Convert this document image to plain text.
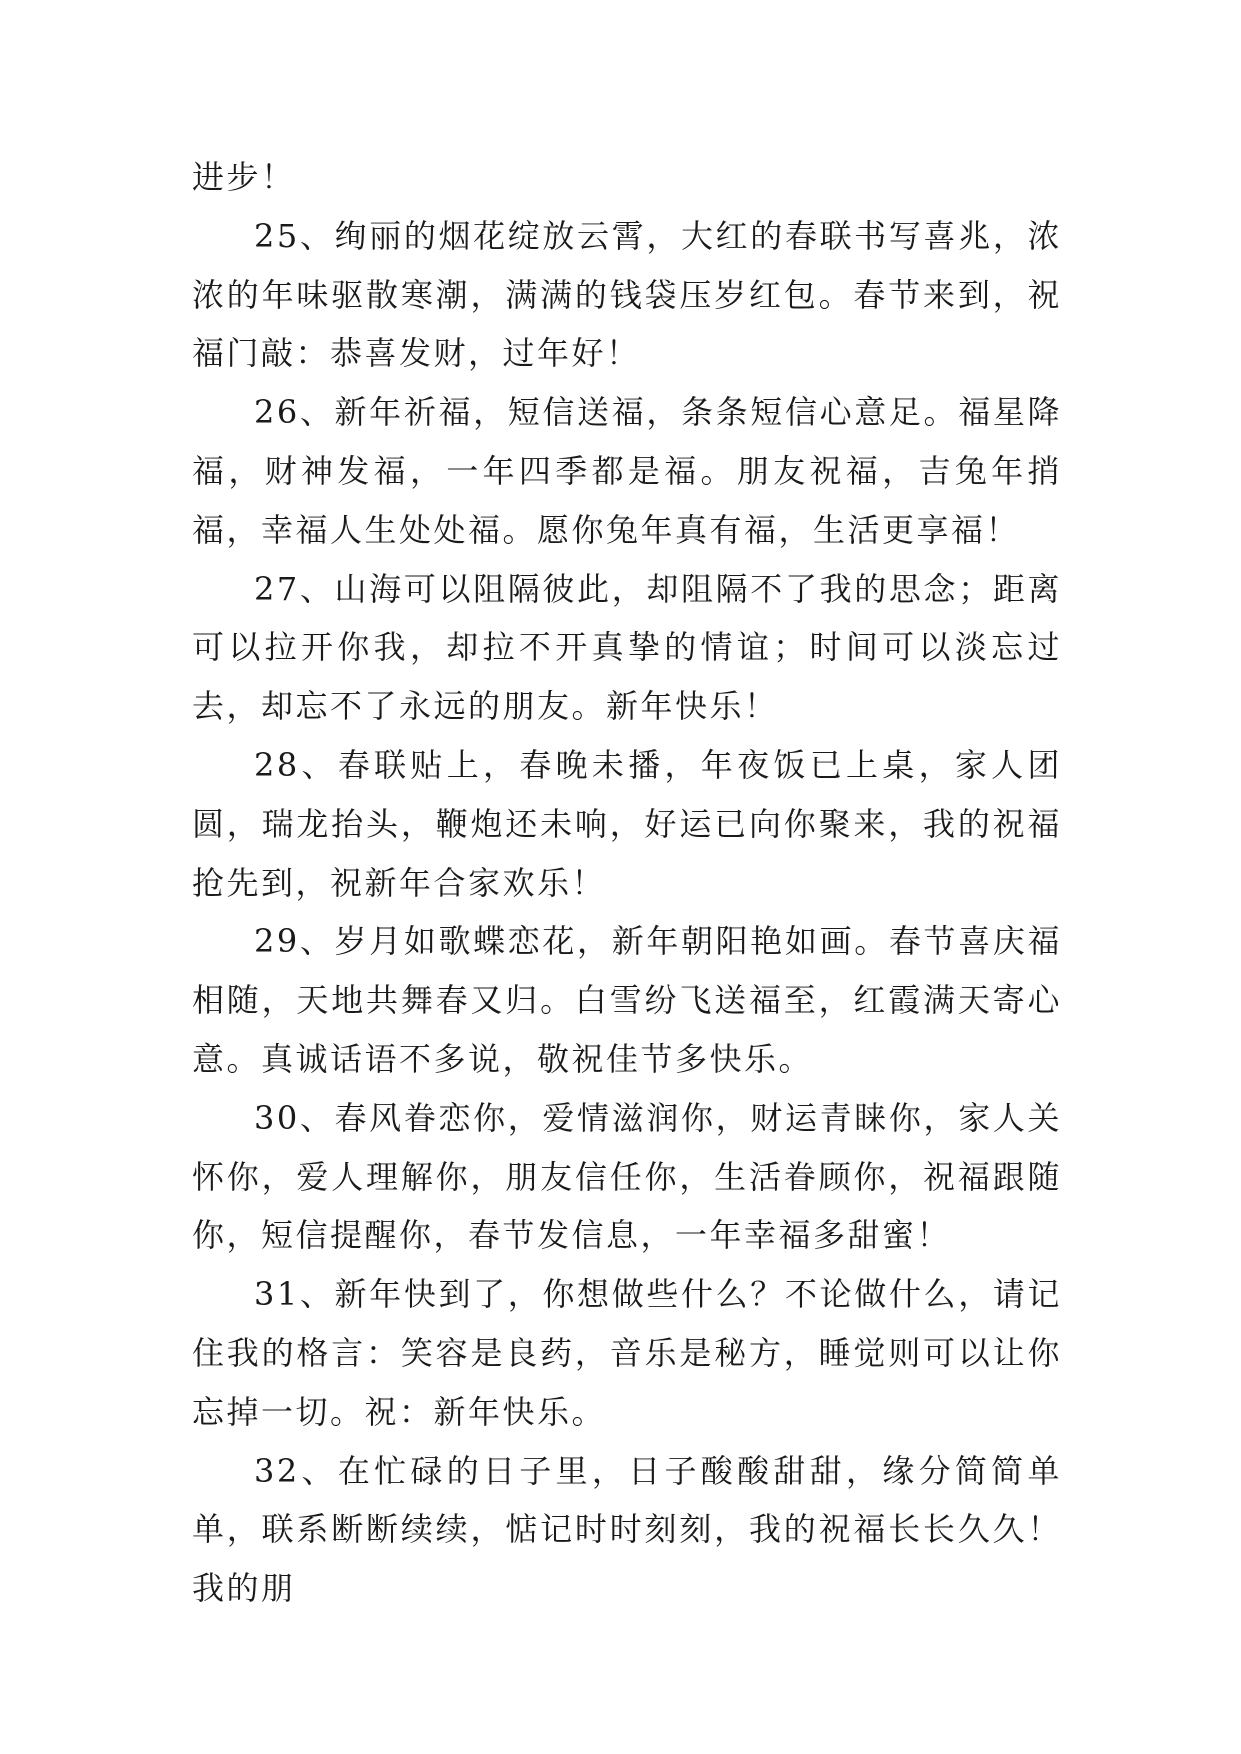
进步！

25、绚丽的烟花绽放云霄，大红的春联书写喜兆，浓浓的年味驱散寒潮，满满的钱袋压岁红包。春节来到，祝福门敲：恭喜发财，过年好！

26、新年祈福，短信送福，条条短信心意足。福星降福，财神发福，一年四季都是福。朋友祝福，吉兔年捎福，幸福人生处处福。愿你兔年真有福，生活更享福！

27、山海可以阻隔彼此，却阻隔不了我的思念；距离可以拉开你我，却拉不开真挚的情谊；时间可以淡忘过去，却忘不了永远的朋友。新年快乐！

28、春联贴上，春晚未播，年夜饭已上桌，家人团圆，瑞龙抬头，鞭炮还未响，好运已向你聚来，我的祝福抢先到，祝新年合家欢乐！

29、岁月如歌蝶恋花，新年朝阳艳如画。春节喜庆福相随，天地共舞春又归。白雪纷飞送福至，红霞满天寄心意。真诚话语不多说，敬祝佳节多快乐。

30、春风眷恋你，爱情滋润你，财运青睐你，家人关怀你，爱人理解你，朋友信任你，生活眷顾你，祝福跟随你，短信提醒你，春节发信息，一年幸福多甜蜜！

31、新年快到了，你想做些什么？不论做什么，请记住我的格言：笑容是良药，音乐是秘方，睡觉则可以让你忘掉一切。祝：新年快乐。

32、在忙碌的日子里，日子酸酸甜甜，缘分简简单单，联系断断续续，惦记时时刻刻，我的祝福长长久久！我的朋
